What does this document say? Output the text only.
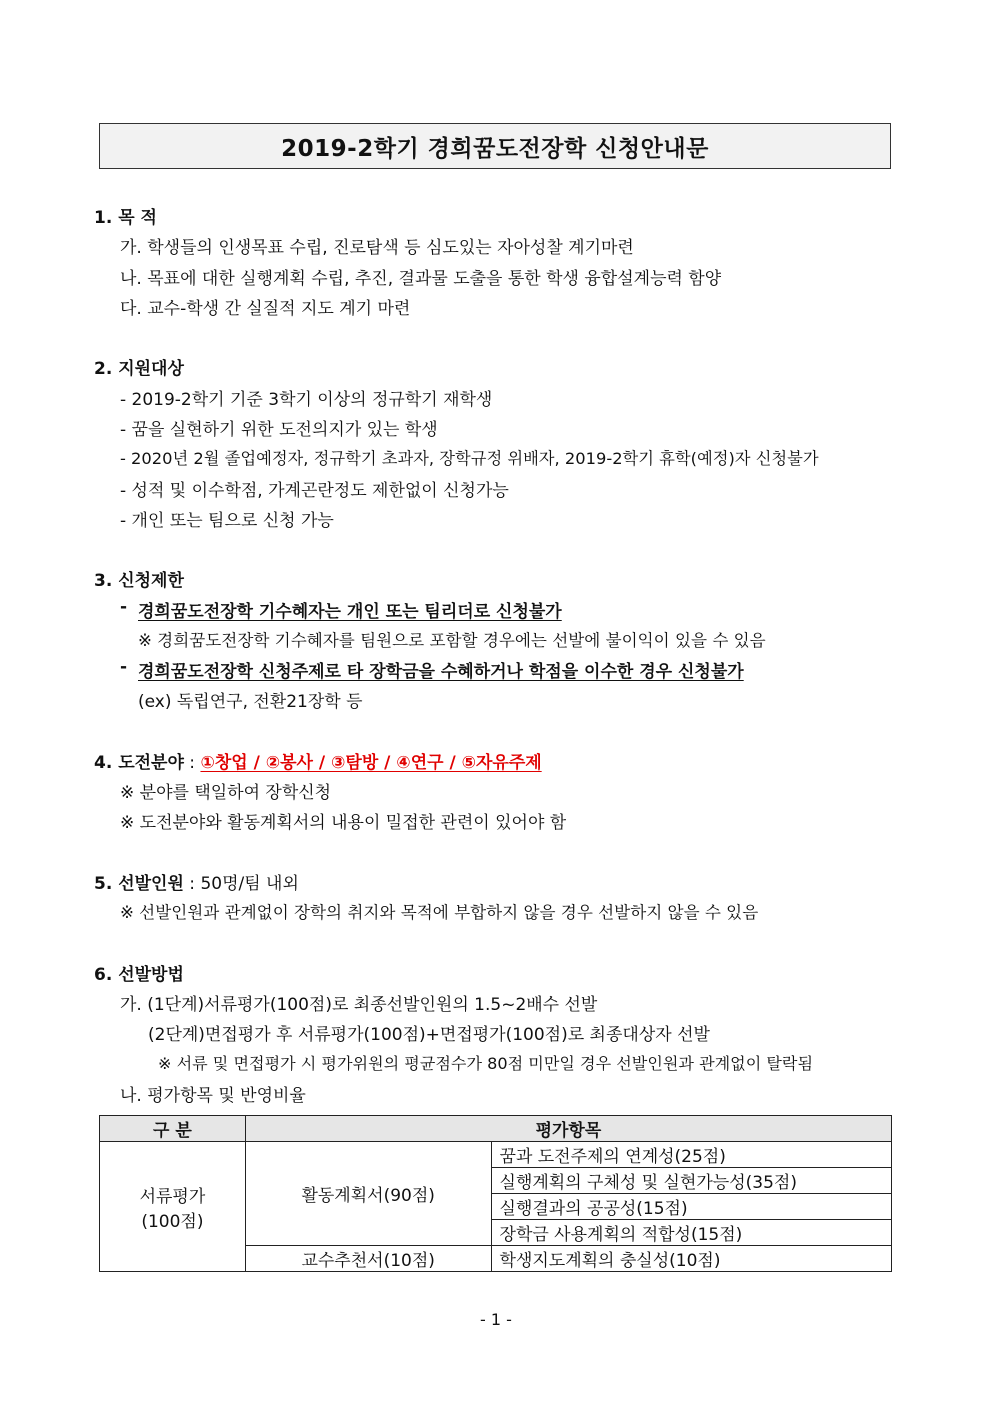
2019-2학기 경희꿈도전장학 신청안내문
1. 목 적
가. 학생들의 인생목표 수립, 진로탐색 등 심도있는 자아성찰 계기마련
나. 목표에 대한 실행계획 수립, 추진, 결과물 도출을 통한 학생 융합설계능력 함양
다. 교수-학생 간 실질적 지도 계기 마련
2. 지원대상
- 2019-2학기 기준 3학기 이상의 정규학기 재학생
- 꿈을 실현하기 위한 도전의지가 있는 학생
- 2020년 2월 졸업예정자, 정규학기 초과자, 장학규정 위배자, 2019-2학기 휴학(예정)자 신청불가
- 성적 및 이수학점, 가계곤란정도 제한없이 신청가능
- 개인 또는 팀으로 신청 가능
3. 신청제한
- 경희꿈도전장학 기수혜자는 개인 또는 팀리더로 신청불가
※ 경희꿈도전장학 기수혜자를 팀원으로 포함할 경우에는 선발에 불이익이 있을 수 있음
- 경희꿈도전장학 신청주제로 타 장학금을 수혜하거나 학점을 이수한 경우 신청불가
(ex) 독립연구, 전환21장학 등
4. 도전분야 : ①창업 / ②봉사 / ③탐방 / ④연구 / ⑤자유주제
※ 분야를 택일하여 장학신청
※ 도전분야와 활동계획서의 내용이 밀접한 관련이 있어야 함
5. 선발인원 : 50명/팀 내외
※ 선발인원과 관계없이 장학의 취지와 목적에 부합하지 않을 경우 선발하지 않을 수 있음
6. 선발방법
가. (1단계)서류평가(100점)로 최종선발인원의 1.5~2배수 선발
(2단계)면접평가 후 서류평가(100점)+면접평가(100점)로 최종대상자 선발
※ 서류 및 면접평가 시 평가위원의 평균점수가 80점 미만일 경우 선발인원과 관계없이 탈락됨
나. 평가항목 및 반영비율
구 분	평가항목	

서류평가
(100점)	활동계획서(90점)	꿈과 도전주제의 연계성(25점)
		실행계획의 구체성 및 실현가능성(35점)
		실행결과의 공공성(15점)
		장학금 사용계획의 적합성(15점)
	교수추천서(10점)	학생지도계획의 충실성(10점)
- 1 -
